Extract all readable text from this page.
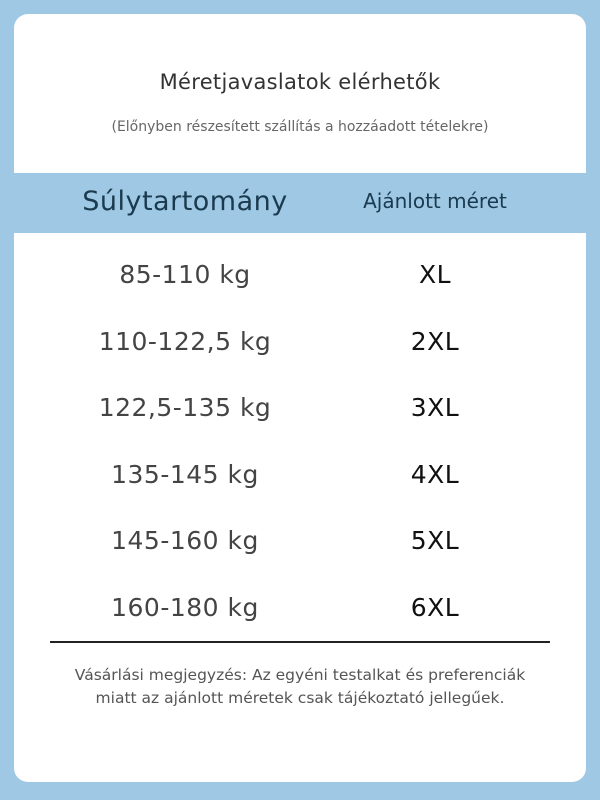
Méretjavaslatok elérhetők
(Előnyben részesített szállítás a hozzáadott tételekre)
Súlytartomány	Ajánlott méret
85-110 kg	XL
110-122,5 kg	2XL
122,5-135 kg	3XL
135-145 kg	4XL
145-160 kg	5XL
160-180 kg	6XL
Vásárlási megjegyzés: Az egyéni testalkat és preferenciák
miatt az ajánlott méretek csak tájékoztató jellegűek.
